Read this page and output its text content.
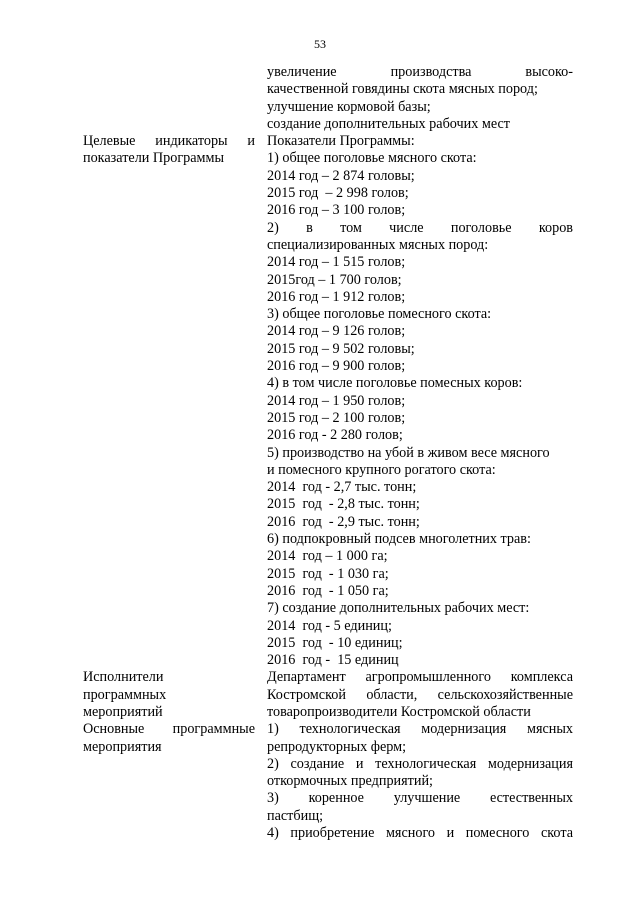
53
увеличение производства высоко-
качественной говядины скота мясных пород;
улучшение кормовой базы;
создание дополнительных рабочих мест
Целевые индикаторы и
показатели Программы
Показатели Программы:
1) общее поголовье мясного скота:
2014 год – 2 874 головы;
2015 год  – 2 998 голов;
2016 год – 3 100 голов;
2) в том числе поголовье коров
специализированных мясных пород:
2014 год – 1 515 голов;
2015год – 1 700 голов;
2016 год – 1 912 голов;
3) общее поголовье помесного скота:
2014 год – 9 126 голов;
2015 год – 9 502 головы;
2016 год – 9 900 голов;
4) в том числе поголовье помесных коров:
2014 год – 1 950 голов;
2015 год – 2 100 голов;
2016 год - 2 280 голов;
5) производство на убой в живом весе мясного
и помесного крупного рогатого скота:
2014  год - 2,7 тыс. тонн;
2015  год  - 2,8 тыс. тонн;
2016  год  - 2,9 тыс. тонн;
6) подпокровный подсев многолетних трав:
2014  год – 1 000 га;
2015  год  - 1 030 га;
2016  год  - 1 050 га;
7) создание дополнительных рабочих мест:
2014  год - 5 единиц;
2015  год  - 10 единиц;
2016  год -  15 единиц
Исполнители
программных
мероприятий
Департамент агропромышленного комплекса
Костромской области, сельскохозяйственные
товаропроизводители Костромской области
Основные программные
мероприятия
1) технологическая модернизация мясных
репродукторных ферм;
2) создание и технологическая модернизация
откормочных предприятий;
3) коренное улучшение естественных
пастбищ;
4) приобретение мясного и помесного скота
